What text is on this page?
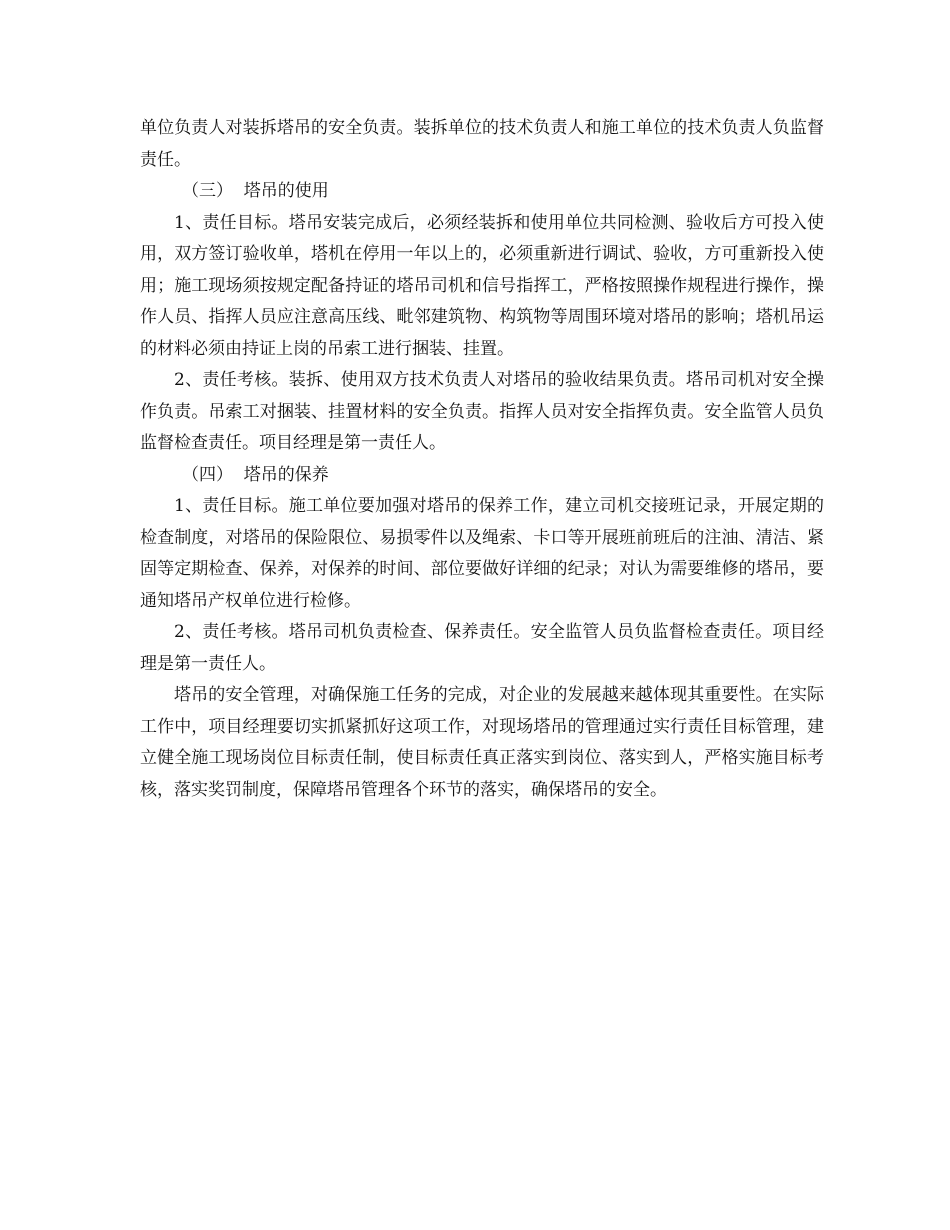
单位负责人对装拆塔吊的安全负责。装拆单位的技术负责人和施工单位的技术负责人负监督责任。

（三）  塔吊的使用

1、责任目标。塔吊安装完成后，必须经装拆和使用单位共同检测、验收后方可投入使用，双方签订验收单，塔机在停用一年以上的，必须重新进行调试、验收，方可重新投入使用；施工现场须按规定配备持证的塔吊司机和信号指挥工，严格按照操作规程进行操作，操作人员、指挥人员应注意高压线、毗邻建筑物、构筑物等周围环境对塔吊的影响；塔机吊运的材料必须由持证上岗的吊索工进行捆装、挂置。

2、责任考核。装拆、使用双方技术负责人对塔吊的验收结果负责。塔吊司机对安全操作负责。吊索工对捆装、挂置材料的安全负责。指挥人员对安全指挥负责。安全监管人员负监督检查责任。项目经理是第一责任人。

（四）  塔吊的保养

1、责任目标。施工单位要加强对塔吊的保养工作，建立司机交接班记录，开展定期的检查制度，对塔吊的保险限位、易损零件以及绳索、卡口等开展班前班后的注油、清洁、紧固等定期检查、保养，对保养的时间、部位要做好详细的纪录；对认为需要维修的塔吊，要通知塔吊产权单位进行检修。

2、责任考核。塔吊司机负责检查、保养责任。安全监管人员负监督检查责任。项目经理是第一责任人。

塔吊的安全管理，对确保施工任务的完成，对企业的发展越来越体现其重要性。在实际工作中，项目经理要切实抓紧抓好这项工作，对现场塔吊的管理通过实行责任目标管理，建立健全施工现场岗位目标责任制，使目标责任真正落实到岗位、落实到人，严格实施目标考核，落实奖罚制度，保障塔吊管理各个环节的落实，确保塔吊的安全。
